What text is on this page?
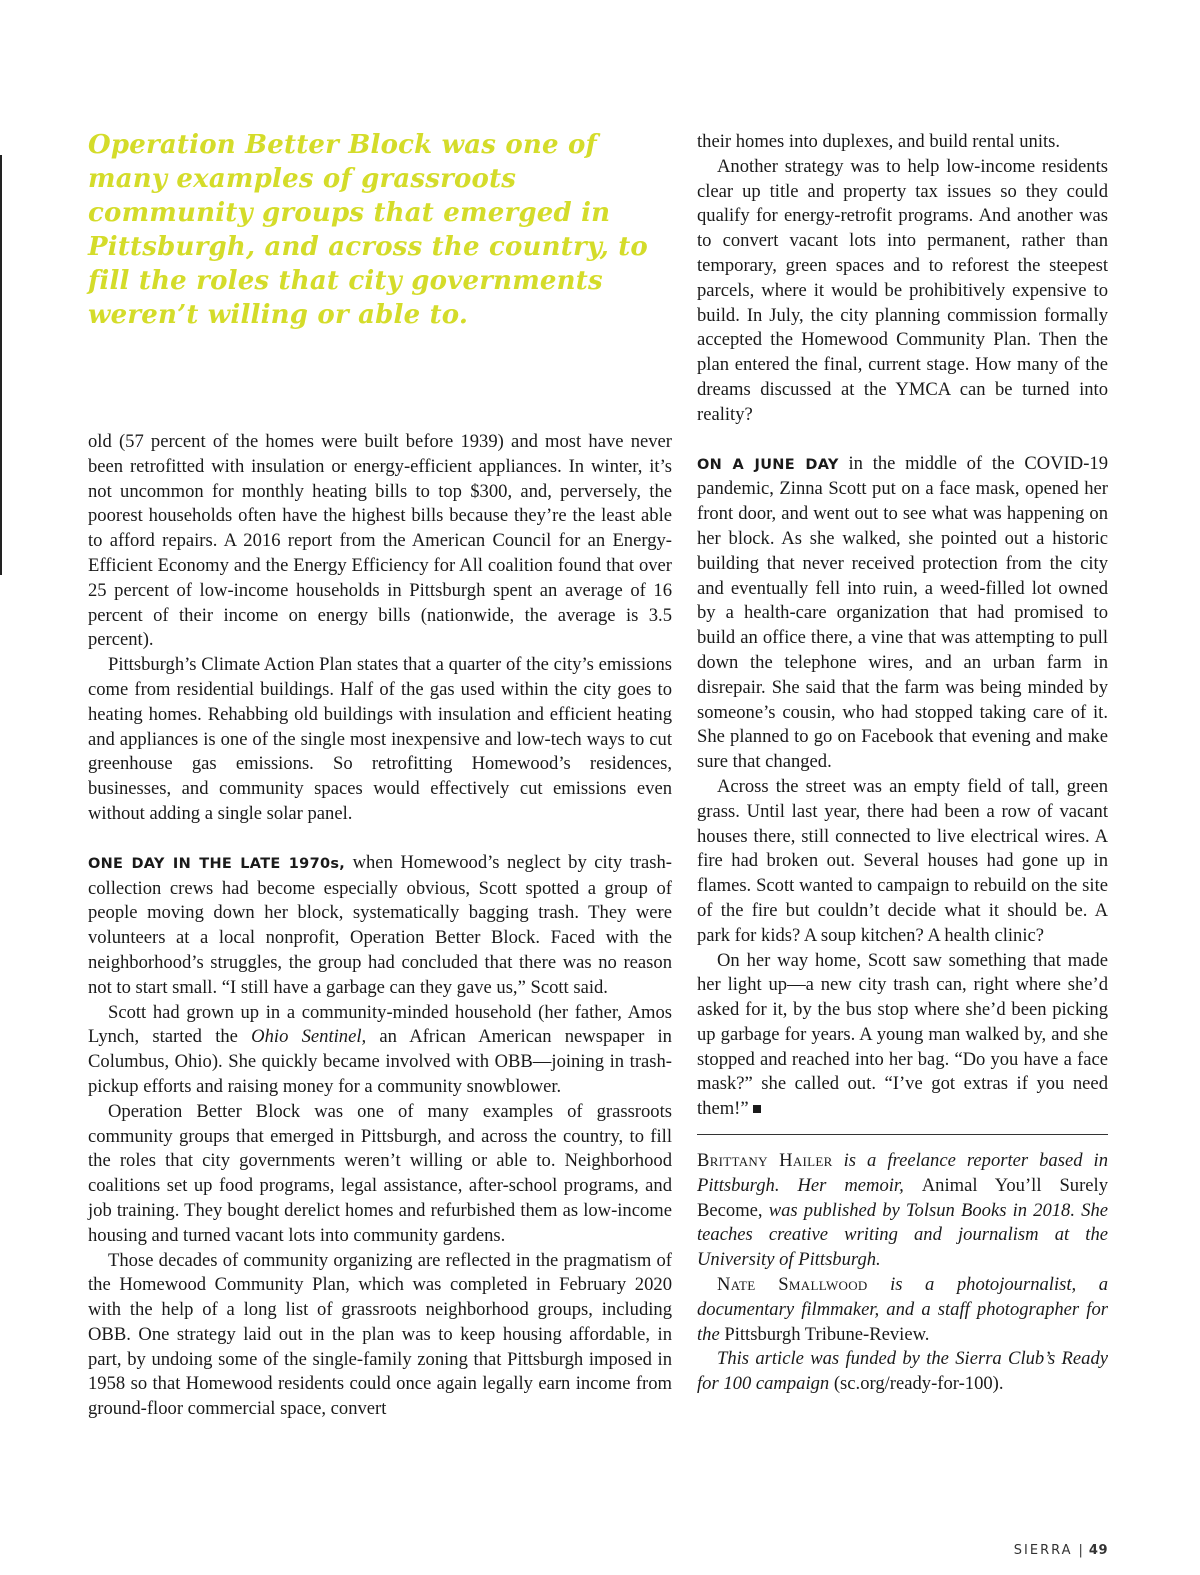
Operation Better Block was one of many examples of grassroots community groups that emerged in Pittsburgh, and across the country, to fill the roles that city governments weren’t willing or able to.

old (57 percent of the homes were built before 1939) and most have never been retrofitted with insulation or energy-efficient appliances. In winter, it’s not uncommon for monthly heating bills to top $300, and, perversely, the poorest households often have the highest bills because they’re the least able to afford repairs. A 2016 report from the American Council for an Energy-Efficient Economy and the Energy Efficiency for All coalition found that over 25 percent of low-income households in Pittsburgh spent an average of 16 percent of their income on energy bills (nationwide, the average is 3.5 percent).

Pittsburgh’s Climate Action Plan states that a quarter of the city’s emissions come from residential buildings. Half of the gas used within the city goes to heating homes. Rehabbing old buildings with insulation and efficient heating and appliances is one of the single most inexpensive and low-tech ways to cut greenhouse gas emissions. So retrofitting Homewood’s residences, businesses, and community spaces would effectively cut emissions even without adding a single solar panel.

ONE DAY IN THE LATE 1970s, when Homewood’s neglect by city trash-collection crews had become especially obvious, Scott spotted a group of people moving down her block, systematically bagging trash. They were volunteers at a local nonprofit, Operation Better Block. Faced with the neighborhood’s struggles, the group had concluded that there was no reason not to start small. “I still have a garbage can they gave us,” Scott said.

Scott had grown up in a community-minded household (her father, Amos Lynch, started the Ohio Sentinel, an African American newspaper in Columbus, Ohio). She quickly became involved with OBB—joining in trash-pickup efforts and raising money for a community snowblower.

Operation Better Block was one of many examples of grassroots community groups that emerged in Pittsburgh, and across the country, to fill the roles that city governments weren’t willing or able to. Neighborhood coalitions set up food programs, legal assistance, after-school programs, and job training. They bought derelict homes and refurbished them as low-income housing and turned vacant lots into community gardens.

Those decades of community organizing are reflected in the pragmatism of the Homewood Community Plan, which was completed in February 2020 with the help of a long list of grassroots neighborhood groups, including OBB. One strategy laid out in the plan was to keep housing affordable, in part, by undoing some of the single-family zoning that Pittsburgh imposed in 1958 so that Homewood residents could once again legally earn income from ground-floor commercial space, convert

their homes into duplexes, and build rental units.

Another strategy was to help low-income residents clear up title and property tax issues so they could qualify for energy-retrofit programs. And another was to convert vacant lots into permanent, rather than temporary, green spaces and to reforest the steepest parcels, where it would be prohibitively expensive to build. In July, the city planning commission formally accepted the Homewood Community Plan. Then the plan entered the final, current stage. How many of the dreams discussed at the YMCA can be turned into reality?

ON A JUNE DAY in the middle of the COVID-19 pandemic, Zinna Scott put on a face mask, opened her front door, and went out to see what was happening on her block. As she walked, she pointed out a historic building that never received protection from the city and eventually fell into ruin, a weed-filled lot owned by a health-care organization that had promised to build an office there, a vine that was attempting to pull down the telephone wires, and an urban farm in disrepair. She said that the farm was being minded by someone’s cousin, who had stopped taking care of it. She planned to go on Facebook that evening and make sure that changed.

Across the street was an empty field of tall, green grass. Until last year, there had been a row of vacant houses there, still connected to live electrical wires. A fire had broken out. Several houses had gone up in flames. Scott wanted to campaign to rebuild on the site of the fire but couldn’t decide what it should be. A park for kids? A soup kitchen? A health clinic?

On her way home, Scott saw something that made her light up—a new city trash can, right where she’d asked for it, by the bus stop where she’d been picking up garbage for years. A young man walked by, and she stopped and reached into her bag. “Do you have a face mask?” she called out. “I’ve got extras if you need them!”

Brittany Hailer is a freelance reporter based in Pittsburgh. Her memoir, Animal You’ll Surely Become, was published by Tolsun Books in 2018. She teaches creative writing and journalism at the University of Pittsburgh.

Nate Smallwood is a photojournalist, a documentary filmmaker, and a staff photographer for the Pittsburgh Tribune-Review.

This article was funded by the Sierra Club’s Ready for 100 campaign (sc.org/ready-for-100).

SIERRA | 49
